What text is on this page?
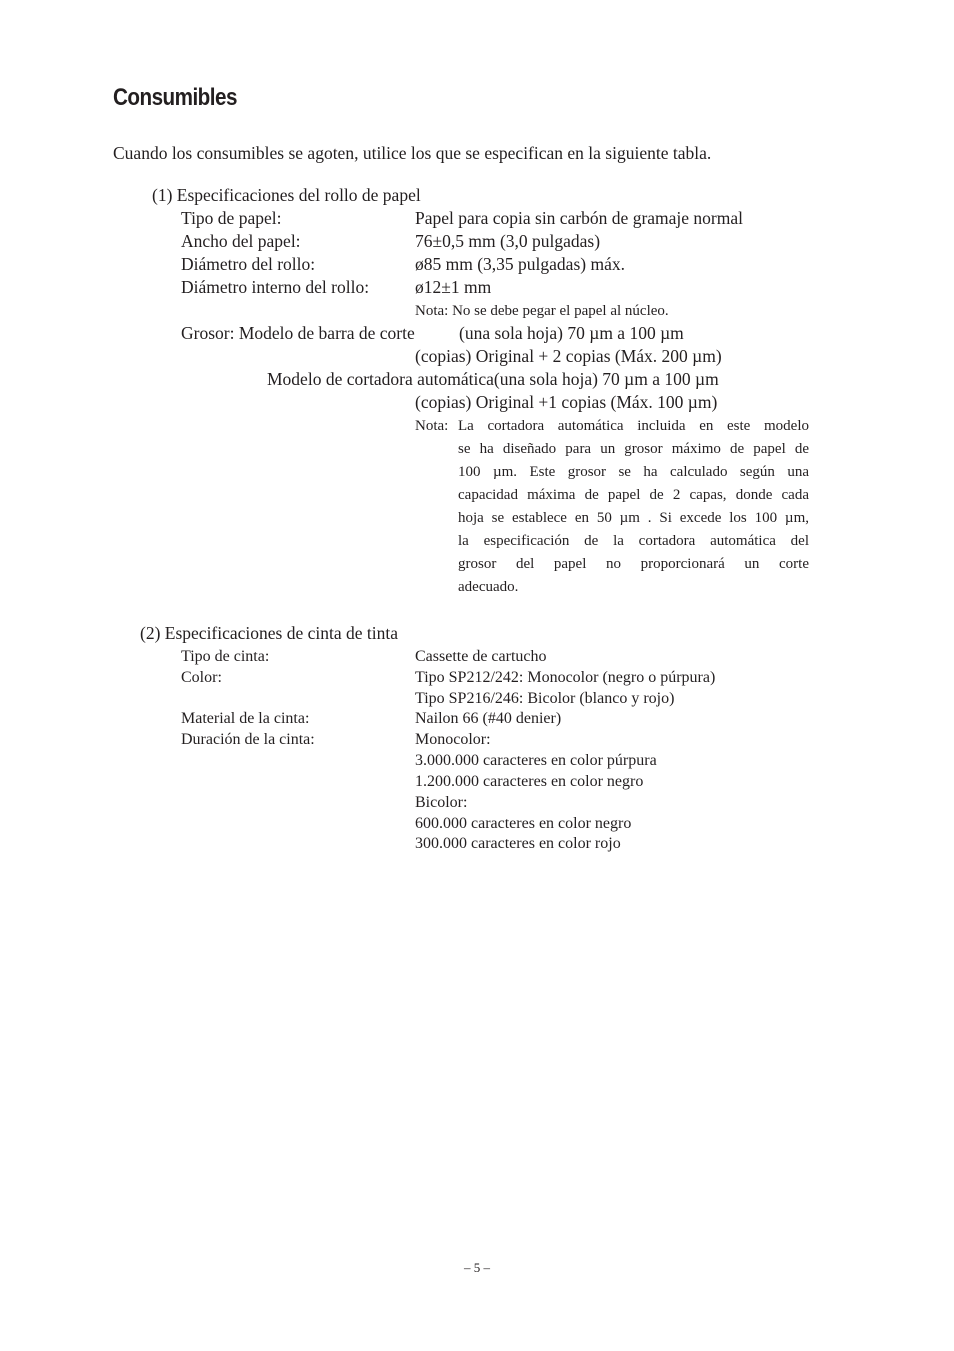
Consumibles
Cuando los consumibles se agoten, utilice los que se especifican en la siguiente tabla.
(1) Especificaciones del rollo de papel
Tipo de papel:	Papel para copia sin carbón de gramaje normal
Ancho del papel:	76±0,5 mm (3,0 pulgadas)
Diámetro del rollo:	ø85 mm (3,35 pulgadas) máx.
Diámetro interno del rollo:	ø12±1 mm
Nota: No se debe pegar el papel al núcleo.
Grosor: Modelo de barra de corte	(una sola hoja) 70 µm a 100 µm
(copias) Original + 2 copias (Máx. 200 µm)
Modelo de cortadora automática(una sola hoja) 70 µm a 100 µm
(copias) Original +1 copias (Máx. 100 µm)
Nota: La cortadora automática incluida en este modelo
se ha diseñado para un grosor máximo de papel de
100 µm. Este grosor se ha calculado según una
capacidad máxima de papel de 2 capas, donde cada
hoja se establece en 50 µm . Si excede los 100 µm,
la especificación de la cortadora automática del
grosor del papel no proporcionará un corte
adecuado.
(2) Especificaciones de cinta de tinta
Tipo de cinta:	Cassette de cartucho
Color:	Tipo SP212/242: Monocolor (negro o púrpura)
Tipo SP216/246: Bicolor (blanco y rojo)
Material de la cinta:	Nailon 66 (#40 denier)
Duración de la cinta:	Monocolor:
3.000.000 caracteres en color púrpura
1.200.000 caracteres en color negro
Bicolor:
600.000 caracteres en color negro
300.000 caracteres en color rojo
– 5 –
